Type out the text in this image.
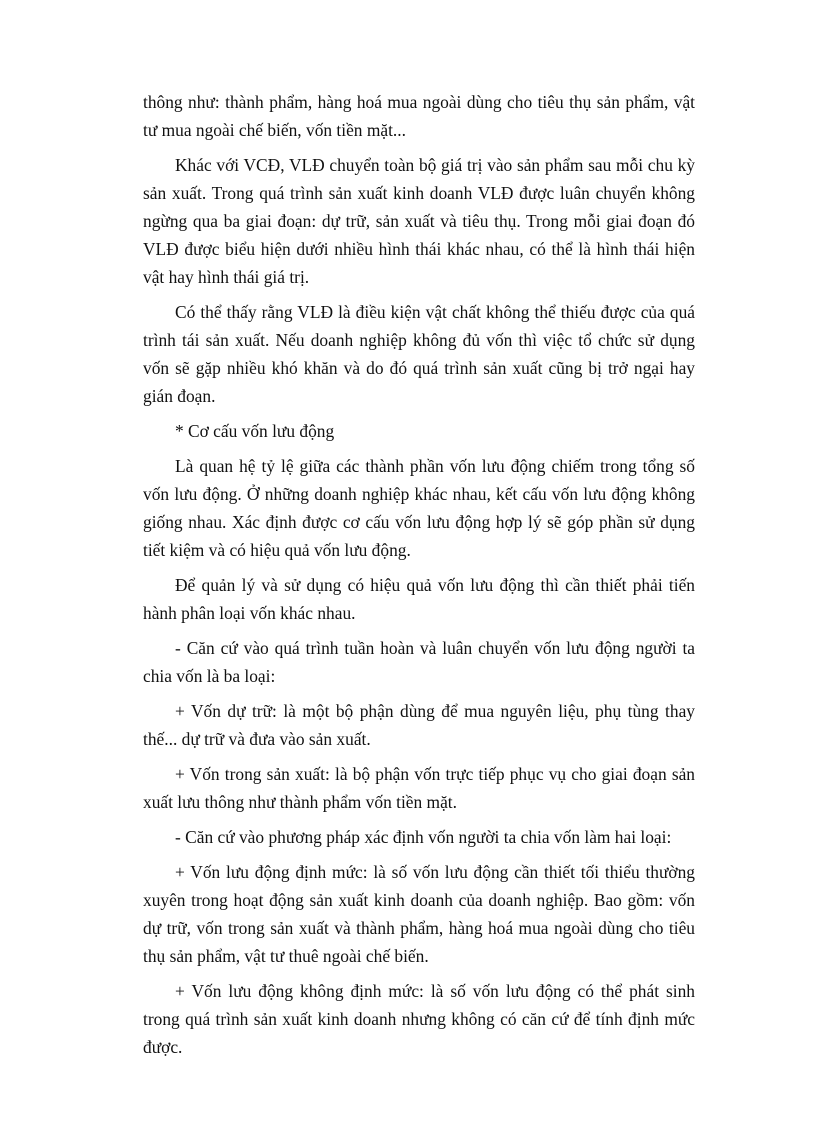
thông như: thành phẩm, hàng hoá mua ngoài dùng cho tiêu thụ sản phẩm, vật tư mua ngoài chế biến, vốn tiền mặt...

Khác với VCĐ, VLĐ chuyển toàn bộ giá trị vào sản phẩm sau mỗi chu kỳ sản xuất. Trong quá trình sản xuất kinh doanh VLĐ được luân chuyển không ngừng qua ba giai đoạn: dự trữ, sản xuất và tiêu thụ. Trong mỗi giai đoạn đó VLĐ được biểu hiện dưới nhiều hình thái khác nhau, có thể là hình thái hiện vật hay hình thái giá trị.

Có thể thấy rằng VLĐ là điều kiện vật chất không thể thiếu được của quá trình tái sản xuất. Nếu doanh nghiệp không đủ vốn thì việc tổ chức sử dụng vốn sẽ gặp nhiều khó khăn và do đó quá trình sản xuất cũng bị trở ngại hay gián đoạn.

* Cơ cấu vốn lưu động

Là quan hệ tỷ lệ giữa các thành phần vốn lưu động chiếm trong tổng số vốn lưu động. Ở những doanh nghiệp khác nhau, kết cấu vốn lưu động không giống nhau. Xác định được cơ cấu vốn lưu động hợp lý sẽ góp phần sử dụng tiết kiệm và có hiệu quả vốn lưu động.

Để quản lý và sử dụng có hiệu quả vốn lưu động thì cần thiết phải tiến hành phân loại vốn khác nhau.

- Căn cứ vào quá trình tuần hoàn và luân chuyển vốn lưu động người ta chia vốn là ba loại:

+ Vốn dự trữ: là một bộ phận dùng để mua nguyên liệu, phụ tùng thay thế... dự trữ và đưa vào sản xuất.

+ Vốn trong sản xuất: là bộ phận vốn trực tiếp phục vụ cho giai đoạn sản xuất lưu thông như thành phẩm vốn tiền mặt.

- Căn cứ vào phương pháp xác định vốn người ta chia vốn làm hai loại:

+ Vốn lưu động định mức: là số vốn lưu động cần thiết tối thiểu thường xuyên trong hoạt động sản xuất kinh doanh của doanh nghiệp. Bao gồm: vốn dự trữ, vốn trong sản xuất và thành phẩm, hàng hoá mua ngoài dùng cho tiêu thụ sản phẩm, vật tư thuê ngoài chế biến.

+ Vốn lưu động không định mức: là số vốn lưu động có thể phát sinh trong quá trình sản xuất kinh doanh nhưng không có căn cứ để tính định mức được.
